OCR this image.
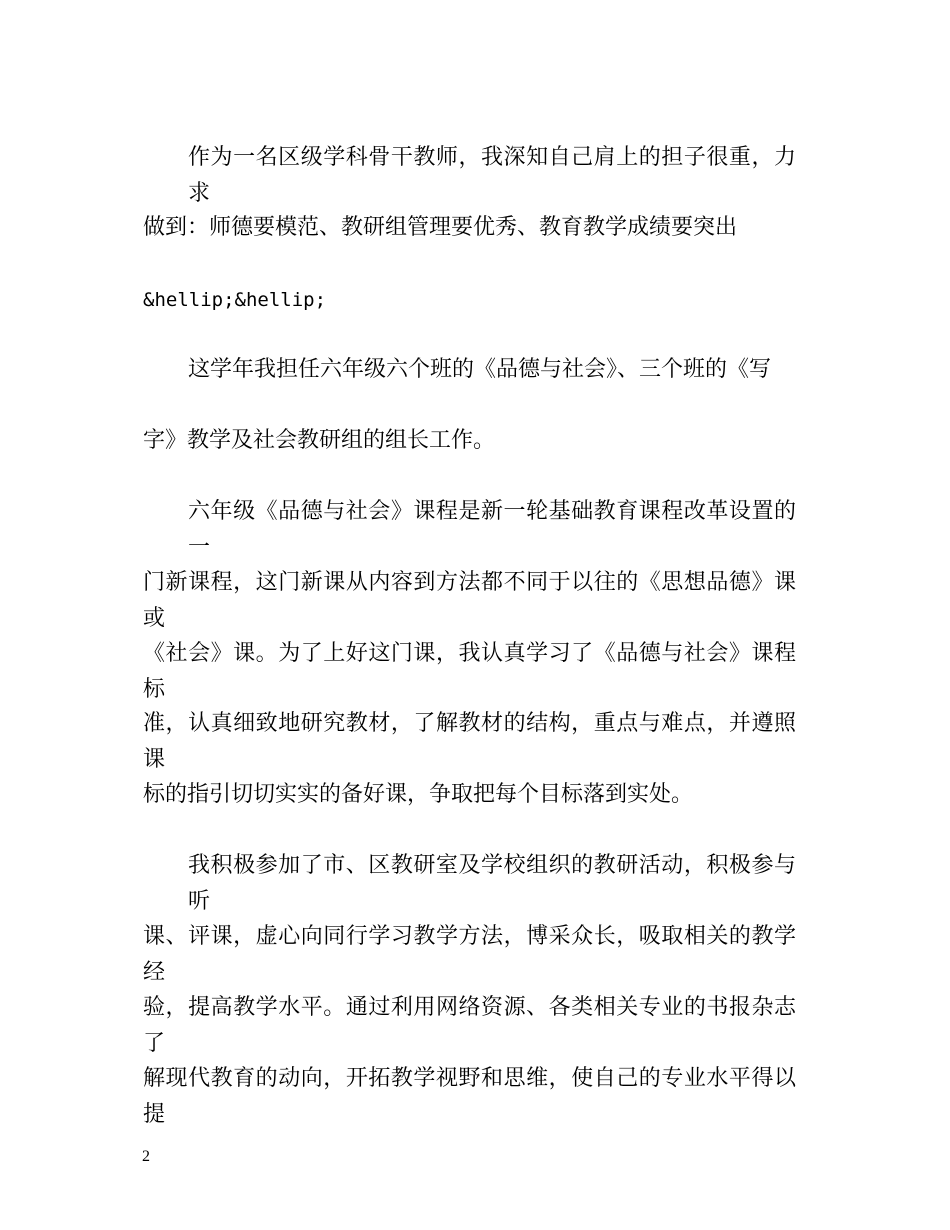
作为一名区级学科骨干教师，我深知自己肩上的担子很重，力求
做到：师德要模范、教研组管理要优秀、教育教学成绩要突出
&hellip;&hellip;
这学年我担任六年级六个班的《品德与社会》、三个班的《写
字》教学及社会教研组的组长工作。
六年级《品德与社会》课程是新一轮基础教育课程改革设置的一
门新课程，这门新课从内容到方法都不同于以往的《思想品德》课或
《社会》课。为了上好这门课，我认真学习了《品德与社会》课程标
准，认真细致地研究教材，了解教材的结构，重点与难点，并遵照课
标的指引切切实实的备好课，争取把每个目标落到实处。
我积极参加了市、区教研室及学校组织的教研活动，积极参与听
课、评课，虚心向同行学习教学方法，博采众长，吸取相关的教学经
验，提高教学水平。通过利用网络资源、各类相关专业的书报杂志了
解现代教育的动向，开拓教学视野和思维，使自己的专业水平得以提
2
